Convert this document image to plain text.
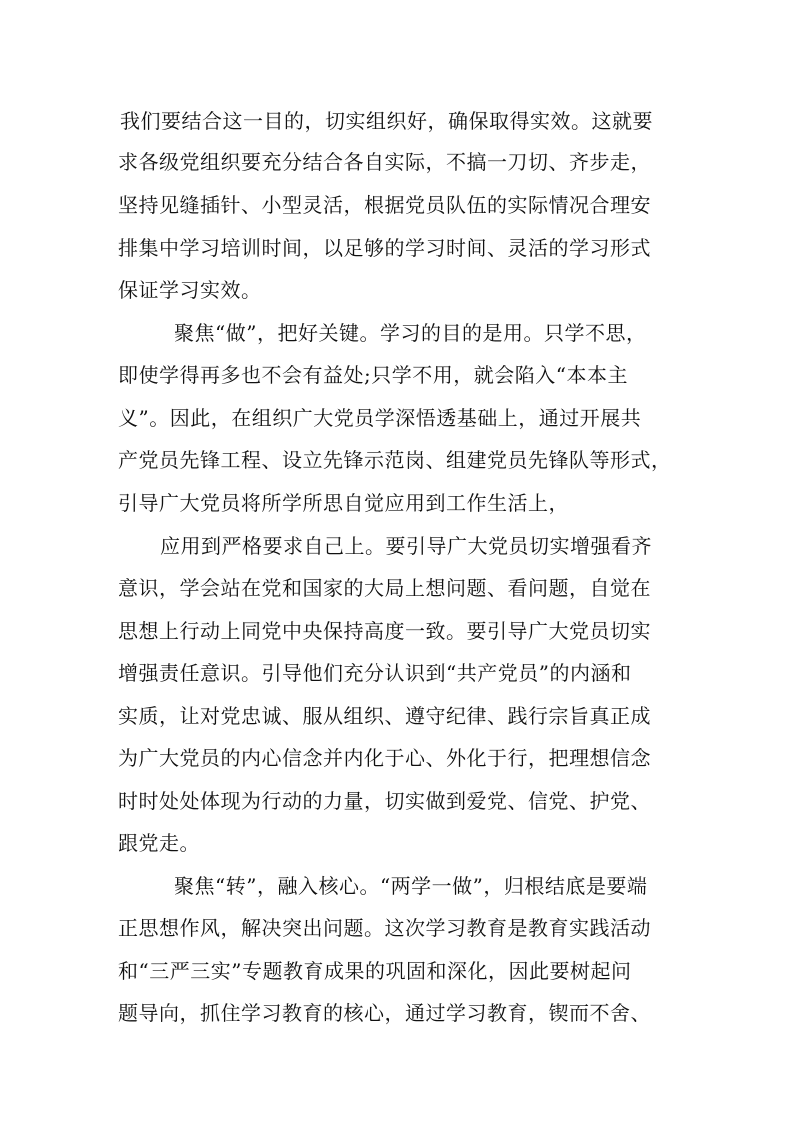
我们要结合这一目的，切实组织好，确保取得实效。这就要
求各级党组织要充分结合各自实际，不搞一刀切、齐步走，
坚持见缝插针、小型灵活，根据党员队伍的实际情况合理安
排集中学习培训时间，以足够的学习时间、灵活的学习形式
保证学习实效。
聚焦“做”，把好关键。学习的目的是用。只学不思，
即使学得再多也不会有益处;只学不用，就会陷入“本本主
义”。因此，在组织广大党员学深悟透基础上，通过开展共
产党员先锋工程、设立先锋示范岗、组建党员先锋队等形式，
引导广大党员将所学所思自觉应用到工作生活上，
应用到严格要求自己上。要引导广大党员切实增强看齐
意识，学会站在党和国家的大局上想问题、看问题，自觉在
思想上行动上同党中央保持高度一致。要引导广大党员切实
增强责任意识。引导他们充分认识到“共产党员”的内涵和
实质，让对党忠诚、服从组织、遵守纪律、践行宗旨真正成
为广大党员的内心信念并内化于心、外化于行，把理想信念
时时处处体现为行动的力量，切实做到爱党、信党、护党、
跟党走。
聚焦“转”，融入核心。“两学一做”，归根结底是要端
正思想作风，解决突出问题。这次学习教育是教育实践活动
和“三严三实”专题教育成果的巩固和深化，因此要树起问
题导向，抓住学习教育的核心，通过学习教育，锲而不舍、
